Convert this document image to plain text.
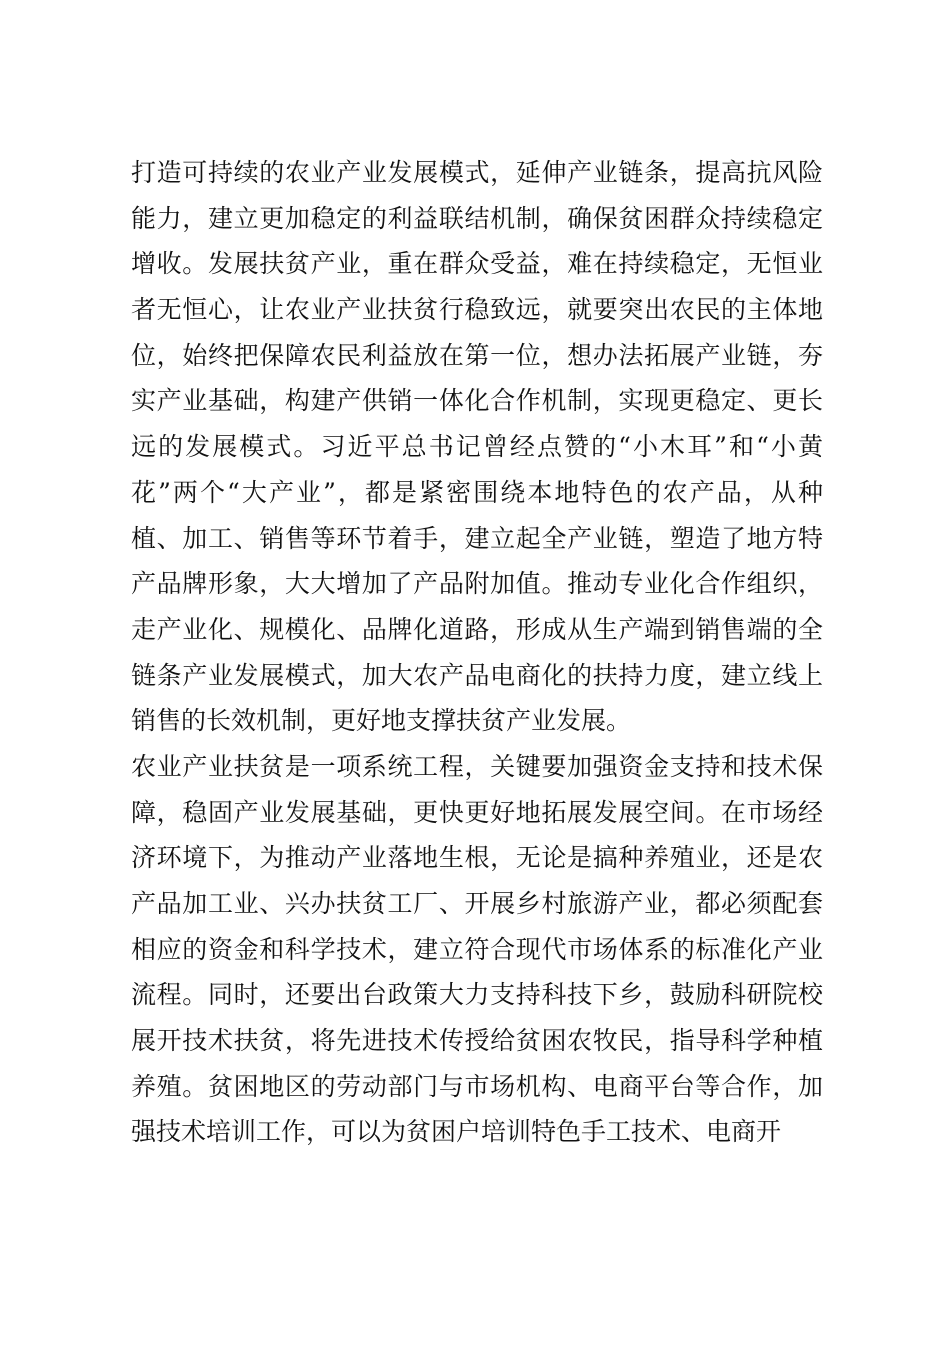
打造可持续的农业产业发展模式，延伸产业链条，提高抗风险
能力，建立更加稳定的利益联结机制，确保贫困群众持续稳定
增收。发展扶贫产业，重在群众受益，难在持续稳定，无恒业
者无恒心，让农业产业扶贫行稳致远，就要突出农民的主体地
位，始终把保障农民利益放在第一位，想办法拓展产业链，夯
实产业基础，构建产供销一体化合作机制，实现更稳定、更长
远的发展模式。习近平总书记曾经点赞的“小木耳”和“小黄
花”两个“大产业”，都是紧密围绕本地特色的农产品，从种
植、加工、销售等环节着手，建立起全产业链，塑造了地方特
产品牌形象，大大增加了产品附加值。推动专业化合作组织，
走产业化、规模化、品牌化道路，形成从生产端到销售端的全
链条产业发展模式，加大农产品电商化的扶持力度，建立线上
销售的长效机制，更好地支撑扶贫产业发展。
农业产业扶贫是一项系统工程，关键要加强资金支持和技术保
障，稳固产业发展基础，更快更好地拓展发展空间。在市场经
济环境下，为推动产业落地生根，无论是搞种养殖业，还是农
产品加工业、兴办扶贫工厂、开展乡村旅游产业，都必须配套
相应的资金和科学技术，建立符合现代市场体系的标准化产业
流程。同时，还要出台政策大力支持科技下乡，鼓励科研院校
展开技术扶贫，将先进技术传授给贫困农牧民，指导科学种植
养殖。贫困地区的劳动部门与市场机构、电商平台等合作，加
强技术培训工作，可以为贫困户培训特色手工技术、电商开
